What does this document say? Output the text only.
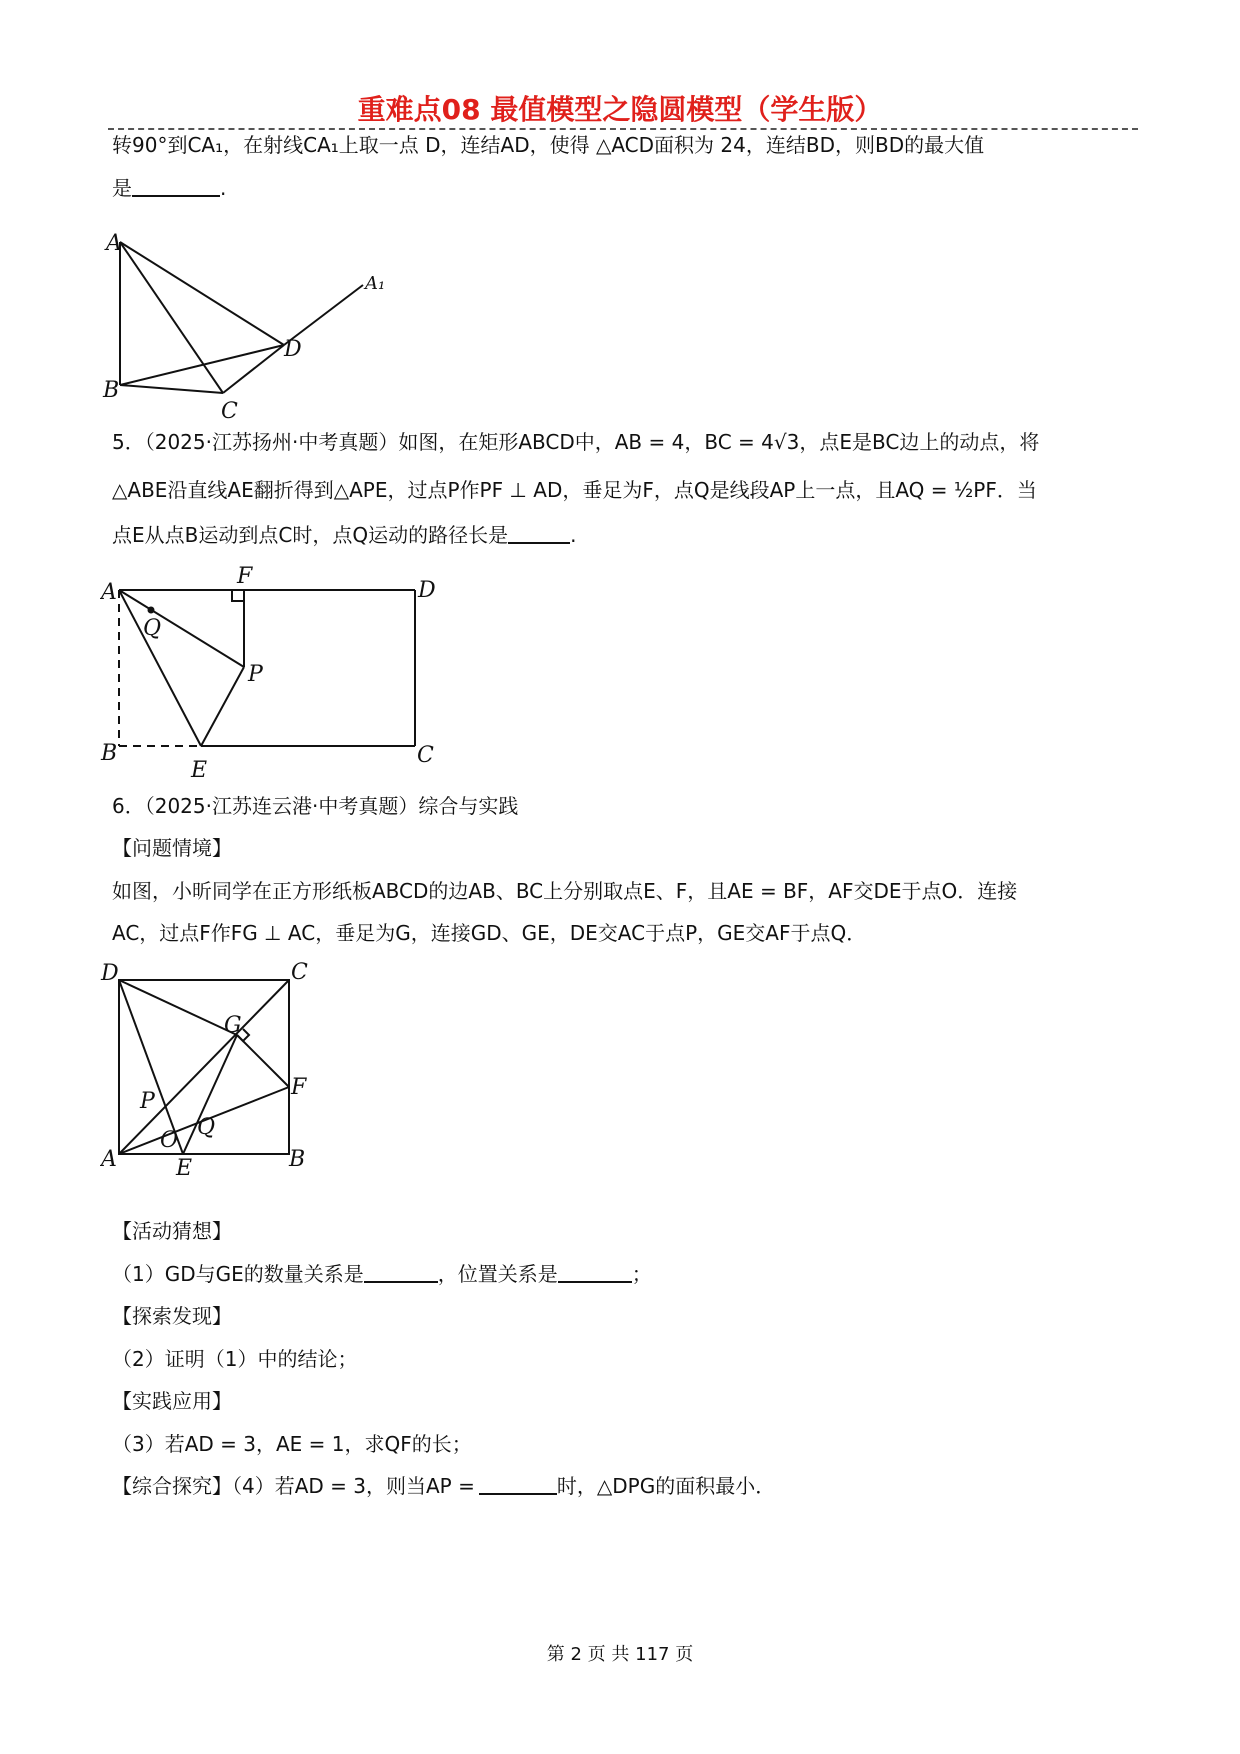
重难点08 最值模型之隐圆模型（学生版）
转90°到CA₁，在射线CA₁上取一点 D，连结AD，使得 △ACD面积为 24，连结BD，则BD的最大值
是	.
A
A₁
D
B
C
5．（2025·江苏扬州·中考真题）如图，在矩形ABCD中，AB = 4，BC = 4√3，点E是BC边上的动点，将
△ABE沿直线AE翻折得到△APE，过点P作PF ⊥ AD，垂足为F，点Q是线段AP上一点，且AQ = ½PF．当
点E从点B运动到点C时，点Q运动的路径长是	.
A
F
D
Q
P
B
E
C
6．（2025·江苏连云港·中考真题）综合与实践
【问题情境】
如图，小昕同学在正方形纸板ABCD的边AB、BC上分别取点E、F，且AE = BF，AF交DE于点O．连接
AC，过点F作FG ⊥ AC，垂足为G，连接GD、GE，DE交AC于点P，GE交AF于点Q．
D	C
G
F
P
Q
A
O
E	B
【活动猜想】
（1）GD与GE的数量关系是	，位置关系是	；
【探索发现】
（2）证明（1）中的结论；
【实践应用】
（3）若AD = 3，AE = 1，求QF的长；
【综合探究】（4）若AD = 3，则当AP =	时，△DPG的面积最小．
第 2 页 共 117 页
